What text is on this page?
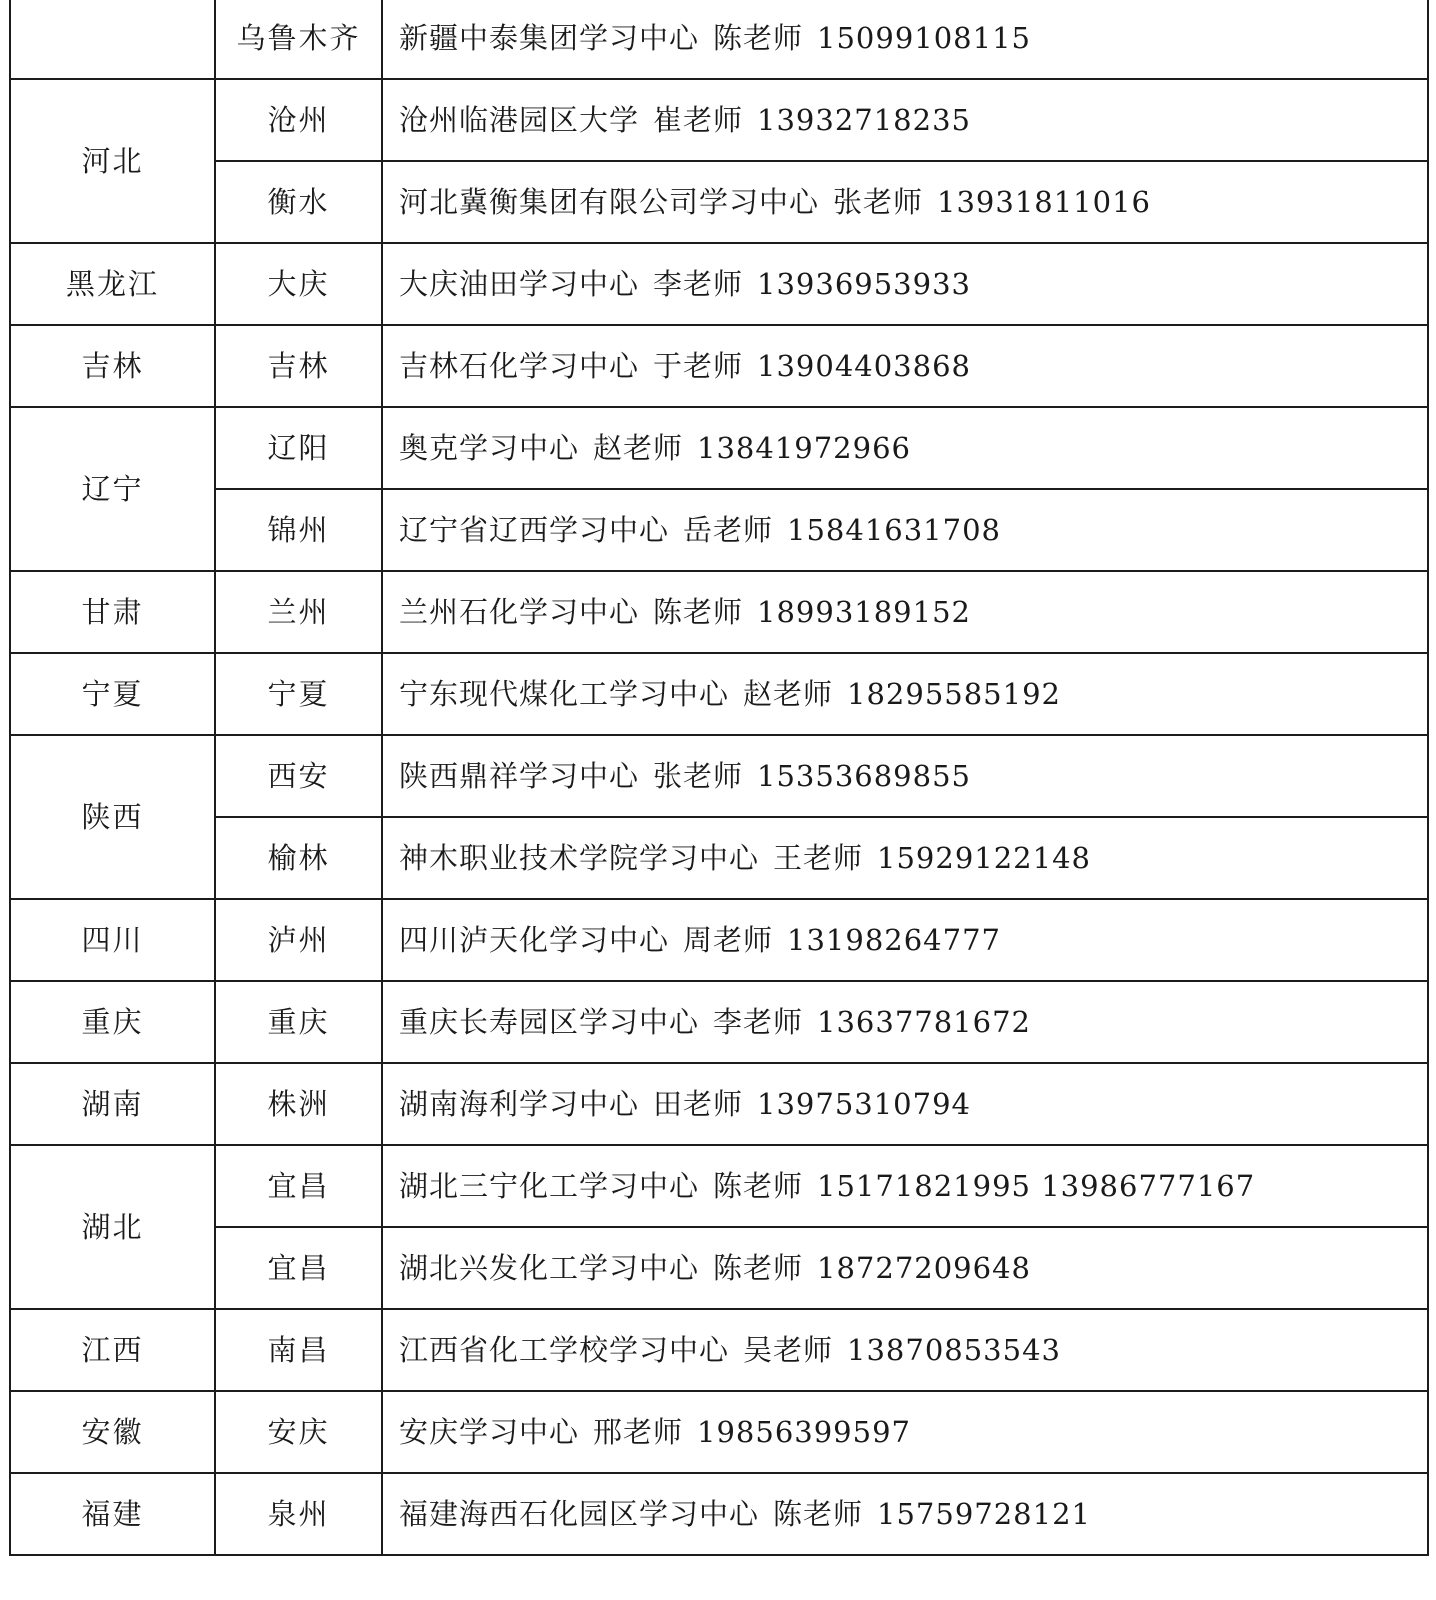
	乌鲁木齐	新疆中泰集团学习中心 陈老师 15099108115
河北	沧州	沧州临港园区大学 崔老师 13932718235
	衡水	河北冀衡集团有限公司学习中心 张老师 13931811016
黑龙江	大庆	大庆油田学习中心 李老师 13936953933
吉林	吉林	吉林石化学习中心 于老师 13904403868
辽宁	辽阳	奥克学习中心 赵老师 13841972966
	锦州	辽宁省辽西学习中心 岳老师 15841631708
甘肃	兰州	兰州石化学习中心 陈老师 18993189152
宁夏	宁夏	宁东现代煤化工学习中心 赵老师 18295585192
陕西	西安	陕西鼎祥学习中心 张老师 15353689855
	榆林	神木职业技术学院学习中心 王老师 15929122148
四川	泸州	四川泸天化学习中心 周老师 13198264777
重庆	重庆	重庆长寿园区学习中心 李老师 13637781672
湖南	株洲	湖南海利学习中心 田老师 13975310794
湖北	宜昌	湖北三宁化工学习中心 陈老师 15171821995 13986777167
	宜昌	湖北兴发化工学习中心 陈老师 18727209648
江西	南昌	江西省化工学校学习中心 吴老师 13870853543
安徽	安庆	安庆学习中心 邢老师 19856399597
福建	泉州	福建海西石化园区学习中心 陈老师 15759728121
